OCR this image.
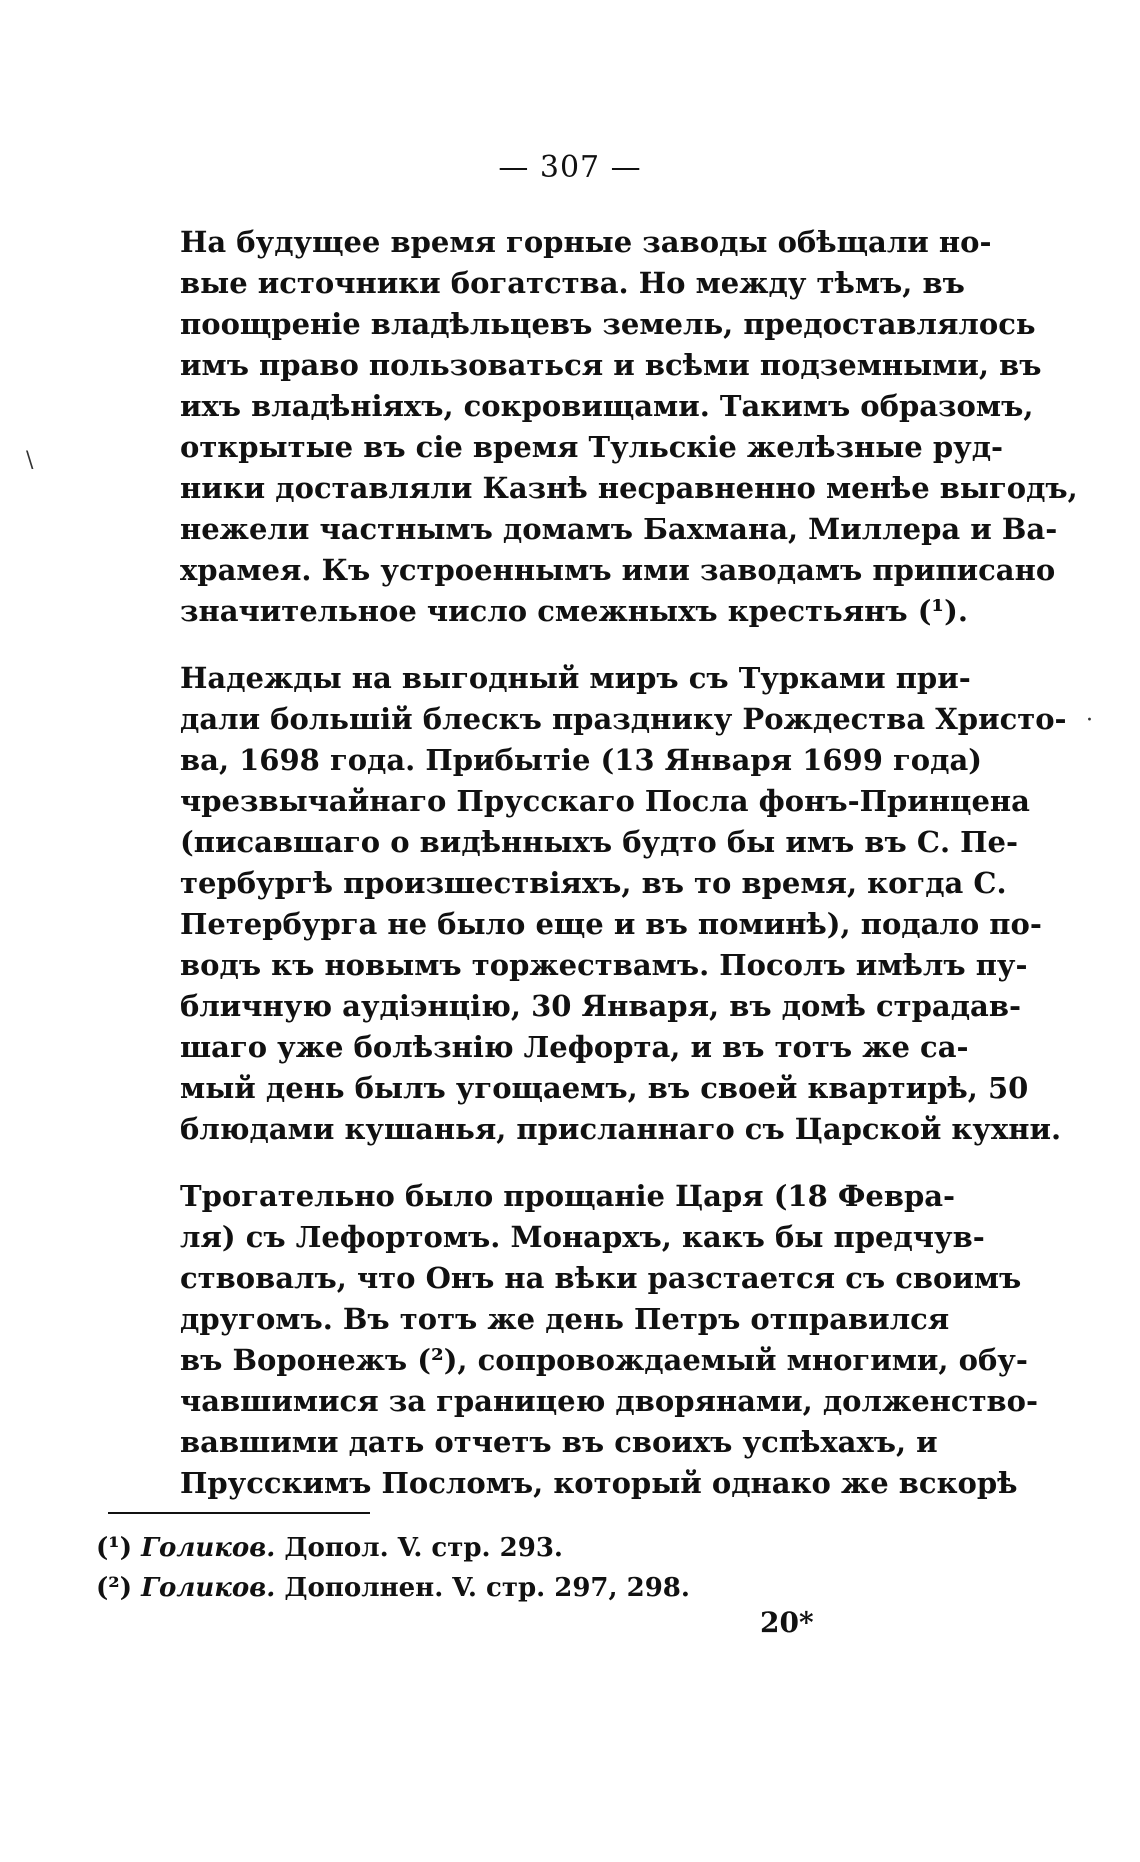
— 307 —

На будущее время горные заводы обѣщали но-
вые источники богатства. Но между тѣмъ, въ
поощреніе владѣльцевъ земель, предоставлялось
имъ право пользоваться и всѣми подземными, въ
ихъ владѣніяхъ, сокровищами. Такимъ образомъ,
открытые въ сіе время Тульскіе желѣзные руд-
ники доставляли Казнѣ несравненно менѣе выгодъ,
нежели частнымъ домамъ Бахмана, Миллера и Ва-
храмея. Къ устроеннымъ ими заводамъ приписано
значительное число смежныхъ крестьянъ (¹).

Надежды на выгодный миръ съ Турками при-
дали большій блескъ празднику Рождества Христо-
ва, 1698 года. Прибытіе (13 Января 1699 года)
чрезвычайнаго Прусскаго Посла фонъ-Принцена
(писавшаго о видѣнныхъ будто бы имъ въ С. Пе-
тербургѣ произшествіяхъ, въ то время, когда С.
Петербурга не было еще и въ поминѣ), подало по-
водъ къ новымъ торжествамъ. Посолъ имѣлъ пу-
бличную аудіэнцію, 30 Января, въ домѣ страдав-
шаго уже болѣзнію Лефорта, и въ тотъ же са-
мый день былъ угощаемъ, въ своей квартирѣ, 50
блюдами кушанья, присланнаго съ Царской кухни.

Трогательно было прощаніе Царя (18 Февра-
ля) съ Лефортомъ. Монархъ, какъ бы предчув-
ствовалъ, что Онъ на вѣки разстается съ своимъ
другомъ. Въ тотъ же день Петръ отправился
въ Воронежъ (²), сопровождаемый многими, обу-
чавшимися за границею дворянами, долженство-
вавшими дать отчетъ въ своихъ успѣхахъ, и
Прусскимъ Посломъ, который однако же вскорѣ

(¹) Голиков. Допол. V. стр. 293.
(²) Голиков. Дополнен. V. стр. 297, 298.
20*
\
·
